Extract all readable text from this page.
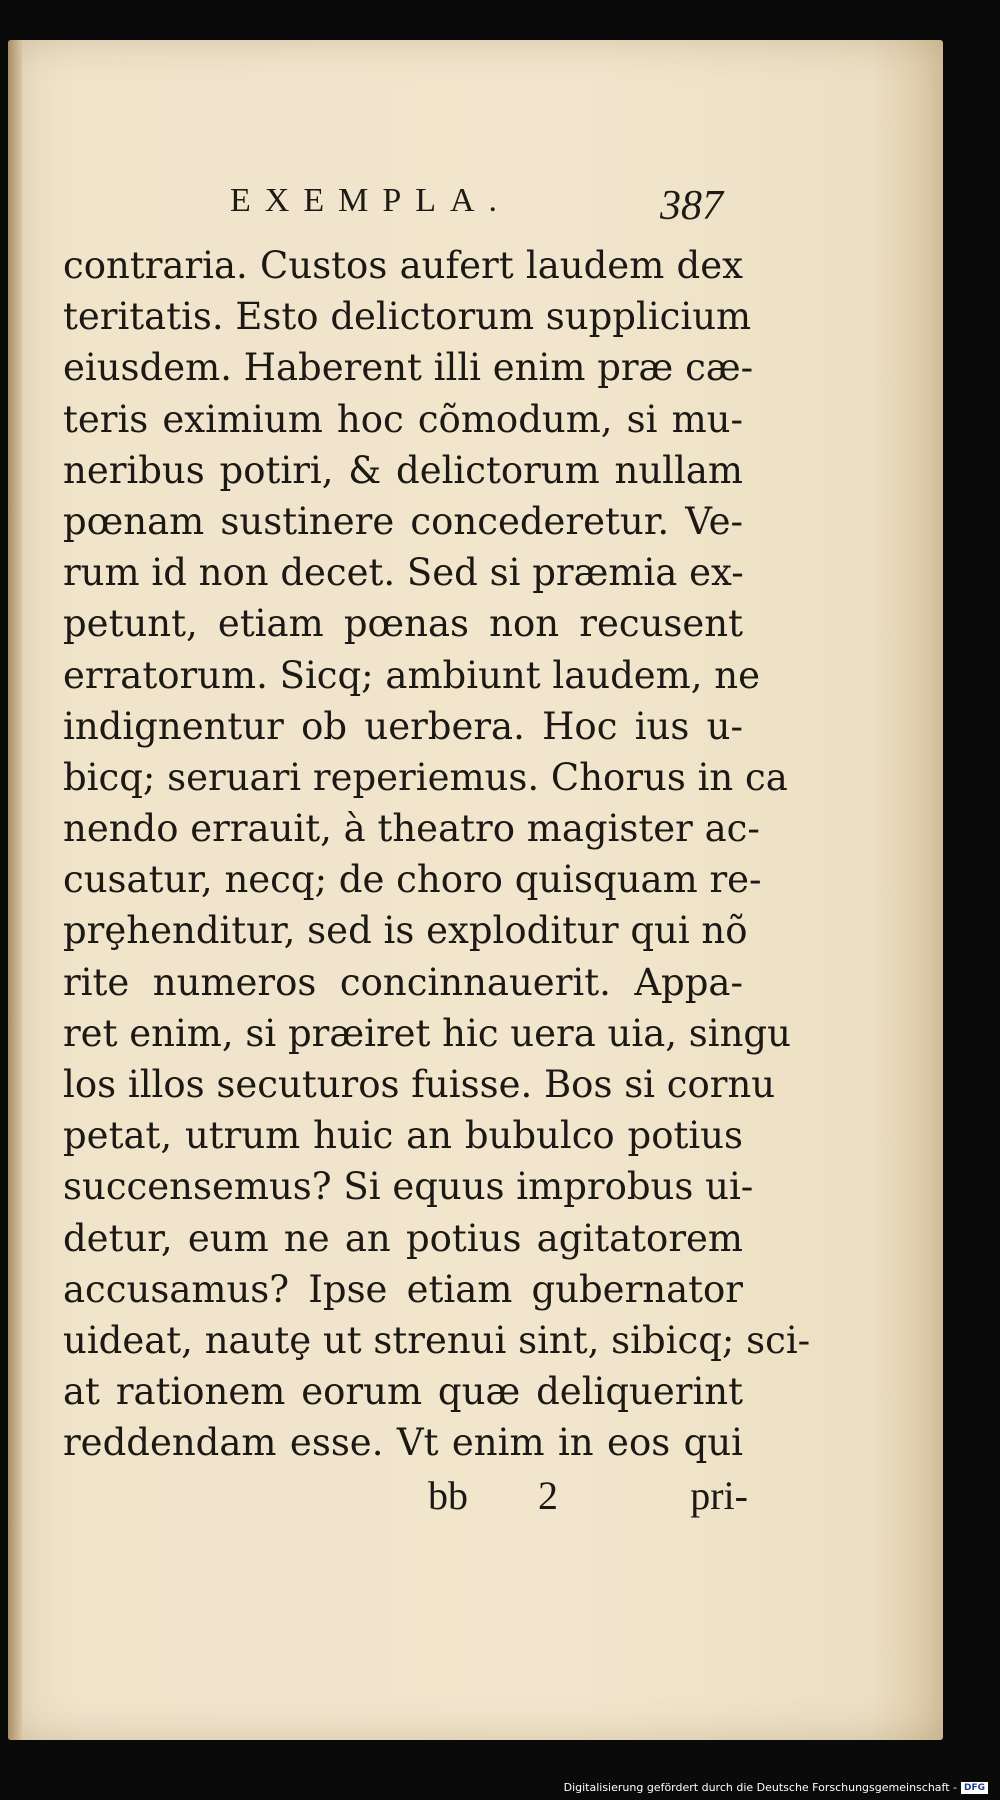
EXEMPLA.	387
contraria. Custos aufert laudem dex
teritatis. Esto delictorum supplicium
eiusdem. Haberent illi enim præ cæ-
teris eximium hoc cõmodum, si mu-
neribus potiri, & delictorum nullam
pœnam sustinere concederetur. Ve-
rum id non decet. Sed si præmia ex-
petunt, etiam pœnas non recusent
erratorum. Sicq; ambiunt laudem, ne
indignentur ob uerbera. Hoc ius u-
bicq; seruari reperiemus. Chorus in ca
nendo errauit, à theatro magister ac-
cusatur, necq; de choro quisquam re-
prȩhenditur, sed is exploditur qui nõ
rite numeros concinnauerit. Appa-
ret enim, si præiret hic uera uia, singu
los illos secuturos fuisse. Bos si cornu
petat, utrum huic an bubulco potius
succensemus? Si equus improbus ui-
detur, eum ne an potius agitatorem
accusamus? Ipse etiam gubernator
uideat, nautȩ ut strenui sint, sibicq; sci-
at rationem eorum quæ deliquerint
reddendam esse. Vt enim in eos qui
bb 2	pri-
Digitalisierung gefördert durch die Deutsche Forschungsgemeinschaft - DFG
